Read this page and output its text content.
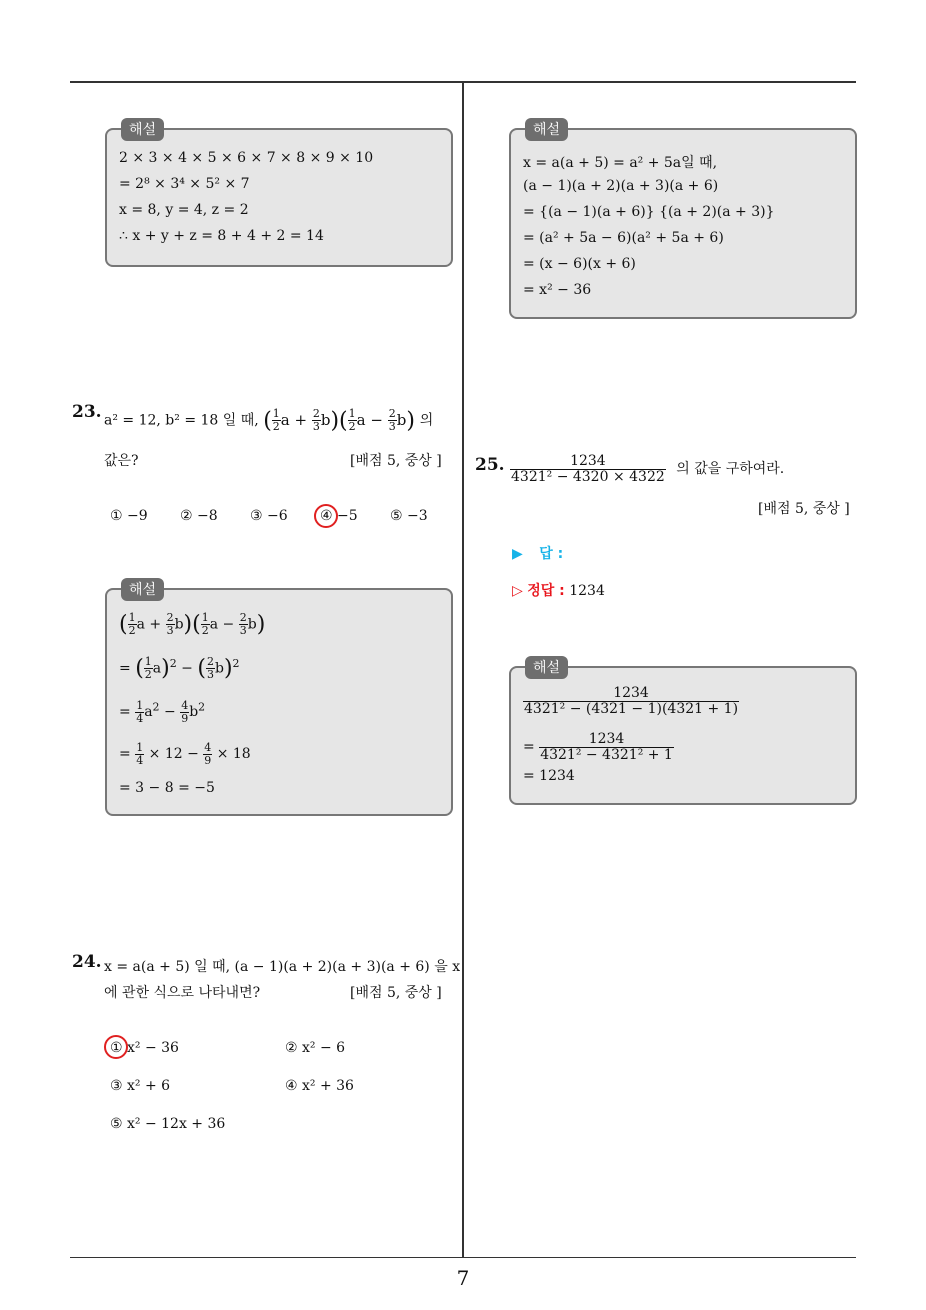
7
해설
2 × 3 × 4 × 5 × 6 × 7 × 8 × 9 × 10
= 2⁸ × 3⁴ × 5² × 7
x = 8, y = 4, z = 2
∴ x + y + z = 8 + 4 + 2 = 14
23. a² = 12, b² = 18 일 때, ( $\frac{1}{2}$ $a + \frac{2}{3} b)( \frac{1}{2}$ $a - \frac{2}{3} b$) 의
값은?	[배점 5, 중상 ]
① −9 ② −8 ③ −6 ④ −5 ⑤ −3
해설
( $\frac{1}{2}$ $a + \frac{2}{3} b)( \frac{1}{2}$ $a - \frac{2}{3} b$)
= ( $\frac{1}{2} a)^2$ − ( $\frac{2}{3} b)^2$
= $\frac{1}{4} a^2 - \frac{4}{9} b^2$
= $\frac{1}{4} \times 12 - \frac{4}{9} \times 18$
= 3 − 8 = −5
24. x = a(a + 5) 일 때, (a − 1)(a + 2)(a + 3)(a + 6) 을 x
에 관한 식으로 나타내면?	[배점 5, 중상 ]
① x² − 36	② x² − 6
③ x² + 6	④ x² + 36
⑤ x² − 12x + 36
해설
x = a(a + 5) = a² + 5a일 때,
(a − 1)(a + 2)(a + 3)(a + 6)
= {(a − 1)(a + 6)} {(a + 2)(a + 3)}
= (a² + 5a − 6)(a² + 5a + 6)
= (x − 6)(x + 6)
= x² − 36
25. $\frac{1234}{\text{4321² − 4320 × 4322}}$ 의 값을 구하여라.
[배점 5, 중상 ]
▶ 답 :
▷ 정답 : 1234
해설
$\frac{1234}{\text{4321² − (4321 − 1)(4321 + 1)}}$
= $\frac{1234}{\text{4321² − 4321² + 1}}$
= 1234
